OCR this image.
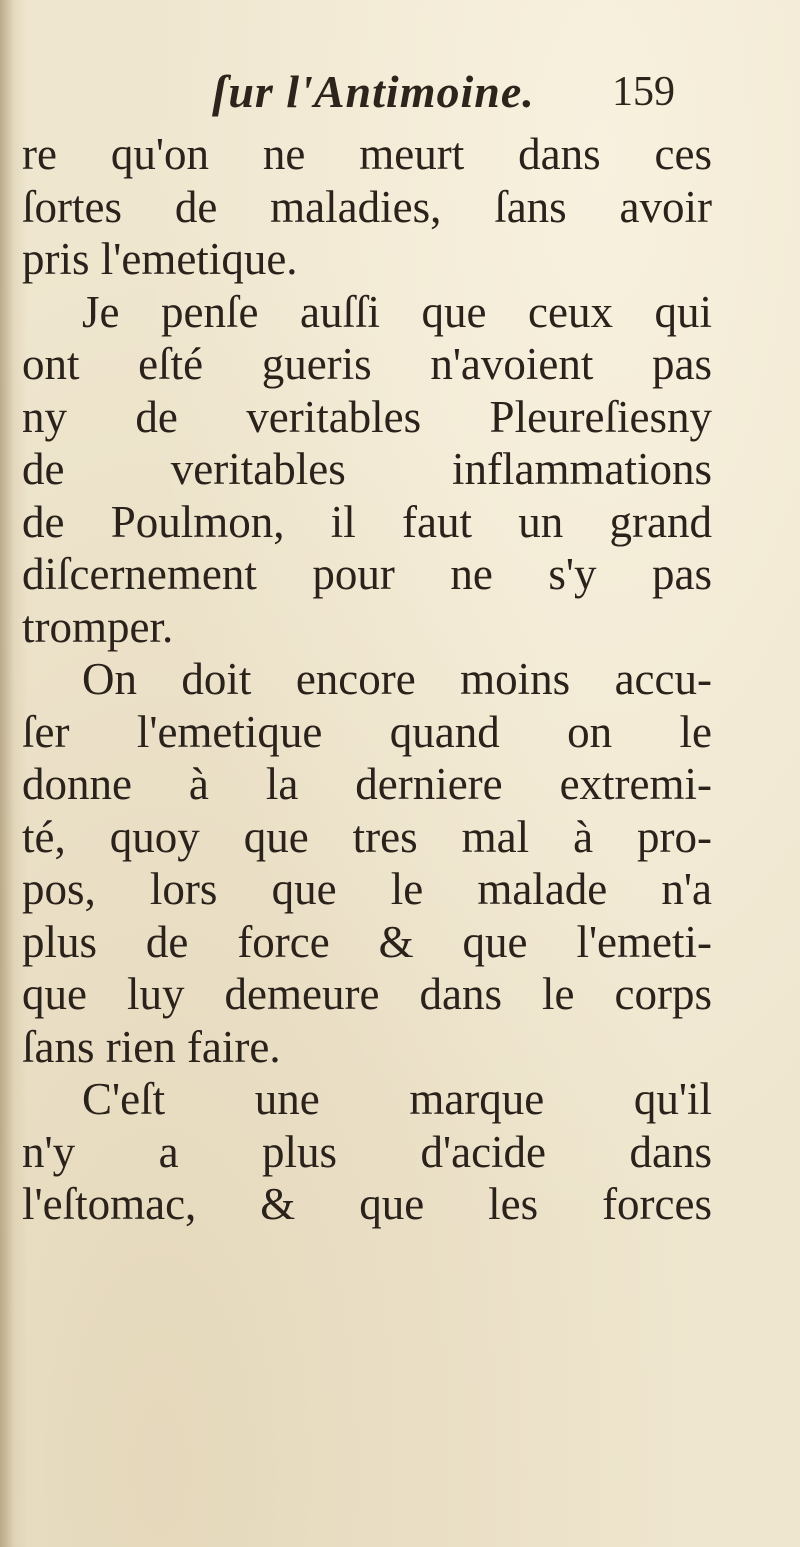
ſur l'Antimoine. 159
re qu'on ne meurt dans ces
ſortes de maladies, ſans avoir
pris l'emetique.
Je penſe auſſi que ceux qui
ont eſté gueris n'avoient pas
ny de veritables Pleureſiesny
de veritables inflammations
de Poulmon, il faut un grand
diſcernement pour ne s'y pas
tromper.
On doit encore moins accu-
ſer l'emetique quand on le
donne à la derniere extremi-
té, quoy que tres mal à pro-
pos, lors que le malade n'a
plus de force & que l'emeti-
que luy demeure dans le corps
ſans rien faire.
C'eſt une marque qu'il
n'y a plus d'acide dans
l'eſtomac, & que les forces
